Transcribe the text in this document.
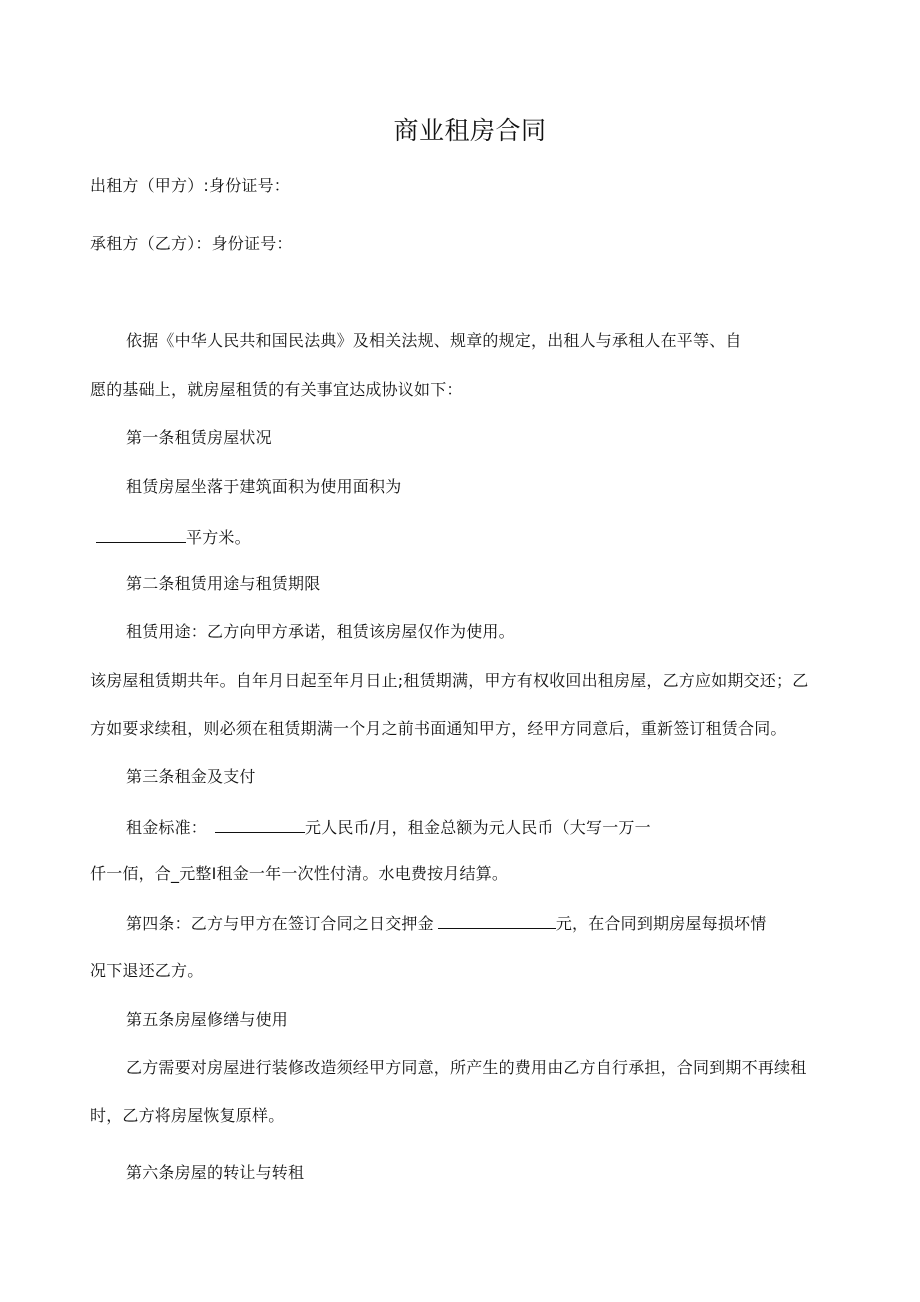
商业租房合同
出租方（甲方）:身份证号：
承租方（乙方）：身份证号：
依据《中华人民共和国民法典》及相关法规、规章的规定，出租人与承租人在平等、自
愿的基础上，就房屋租赁的有关事宜达成协议如下：
第一条租赁房屋状况
租赁房屋坐落于建筑面积为使用面积为
平方米。
第二条租赁用途与租赁期限
租赁用途：乙方向甲方承诺，租赁该房屋仅作为使用。
该房屋租赁期共年。自年月日起至年月日止;租赁期满，甲方有权收回出租房屋，乙方应如期交还；乙
方如要求续租，则必须在租赁期满一个月之前书面通知甲方，经甲方同意后，重新签订租赁合同。
第三条租金及支付
租金标准：	元人民币/月，租金总额为元人民币（大写一万一
仟一佰，合_元整Ⅰ租金一年一次性付清。水电费按月结算。
第四条：乙方与甲方在签订合同之日交押金	元，在合同到期房屋每损坏情
况下退还乙方。
第五条房屋修缮与使用
乙方需要对房屋进行装修改造须经甲方同意，所产生的费用由乙方自行承担，合同到期不再续租
时，乙方将房屋恢复原样。
第六条房屋的转让与转租
